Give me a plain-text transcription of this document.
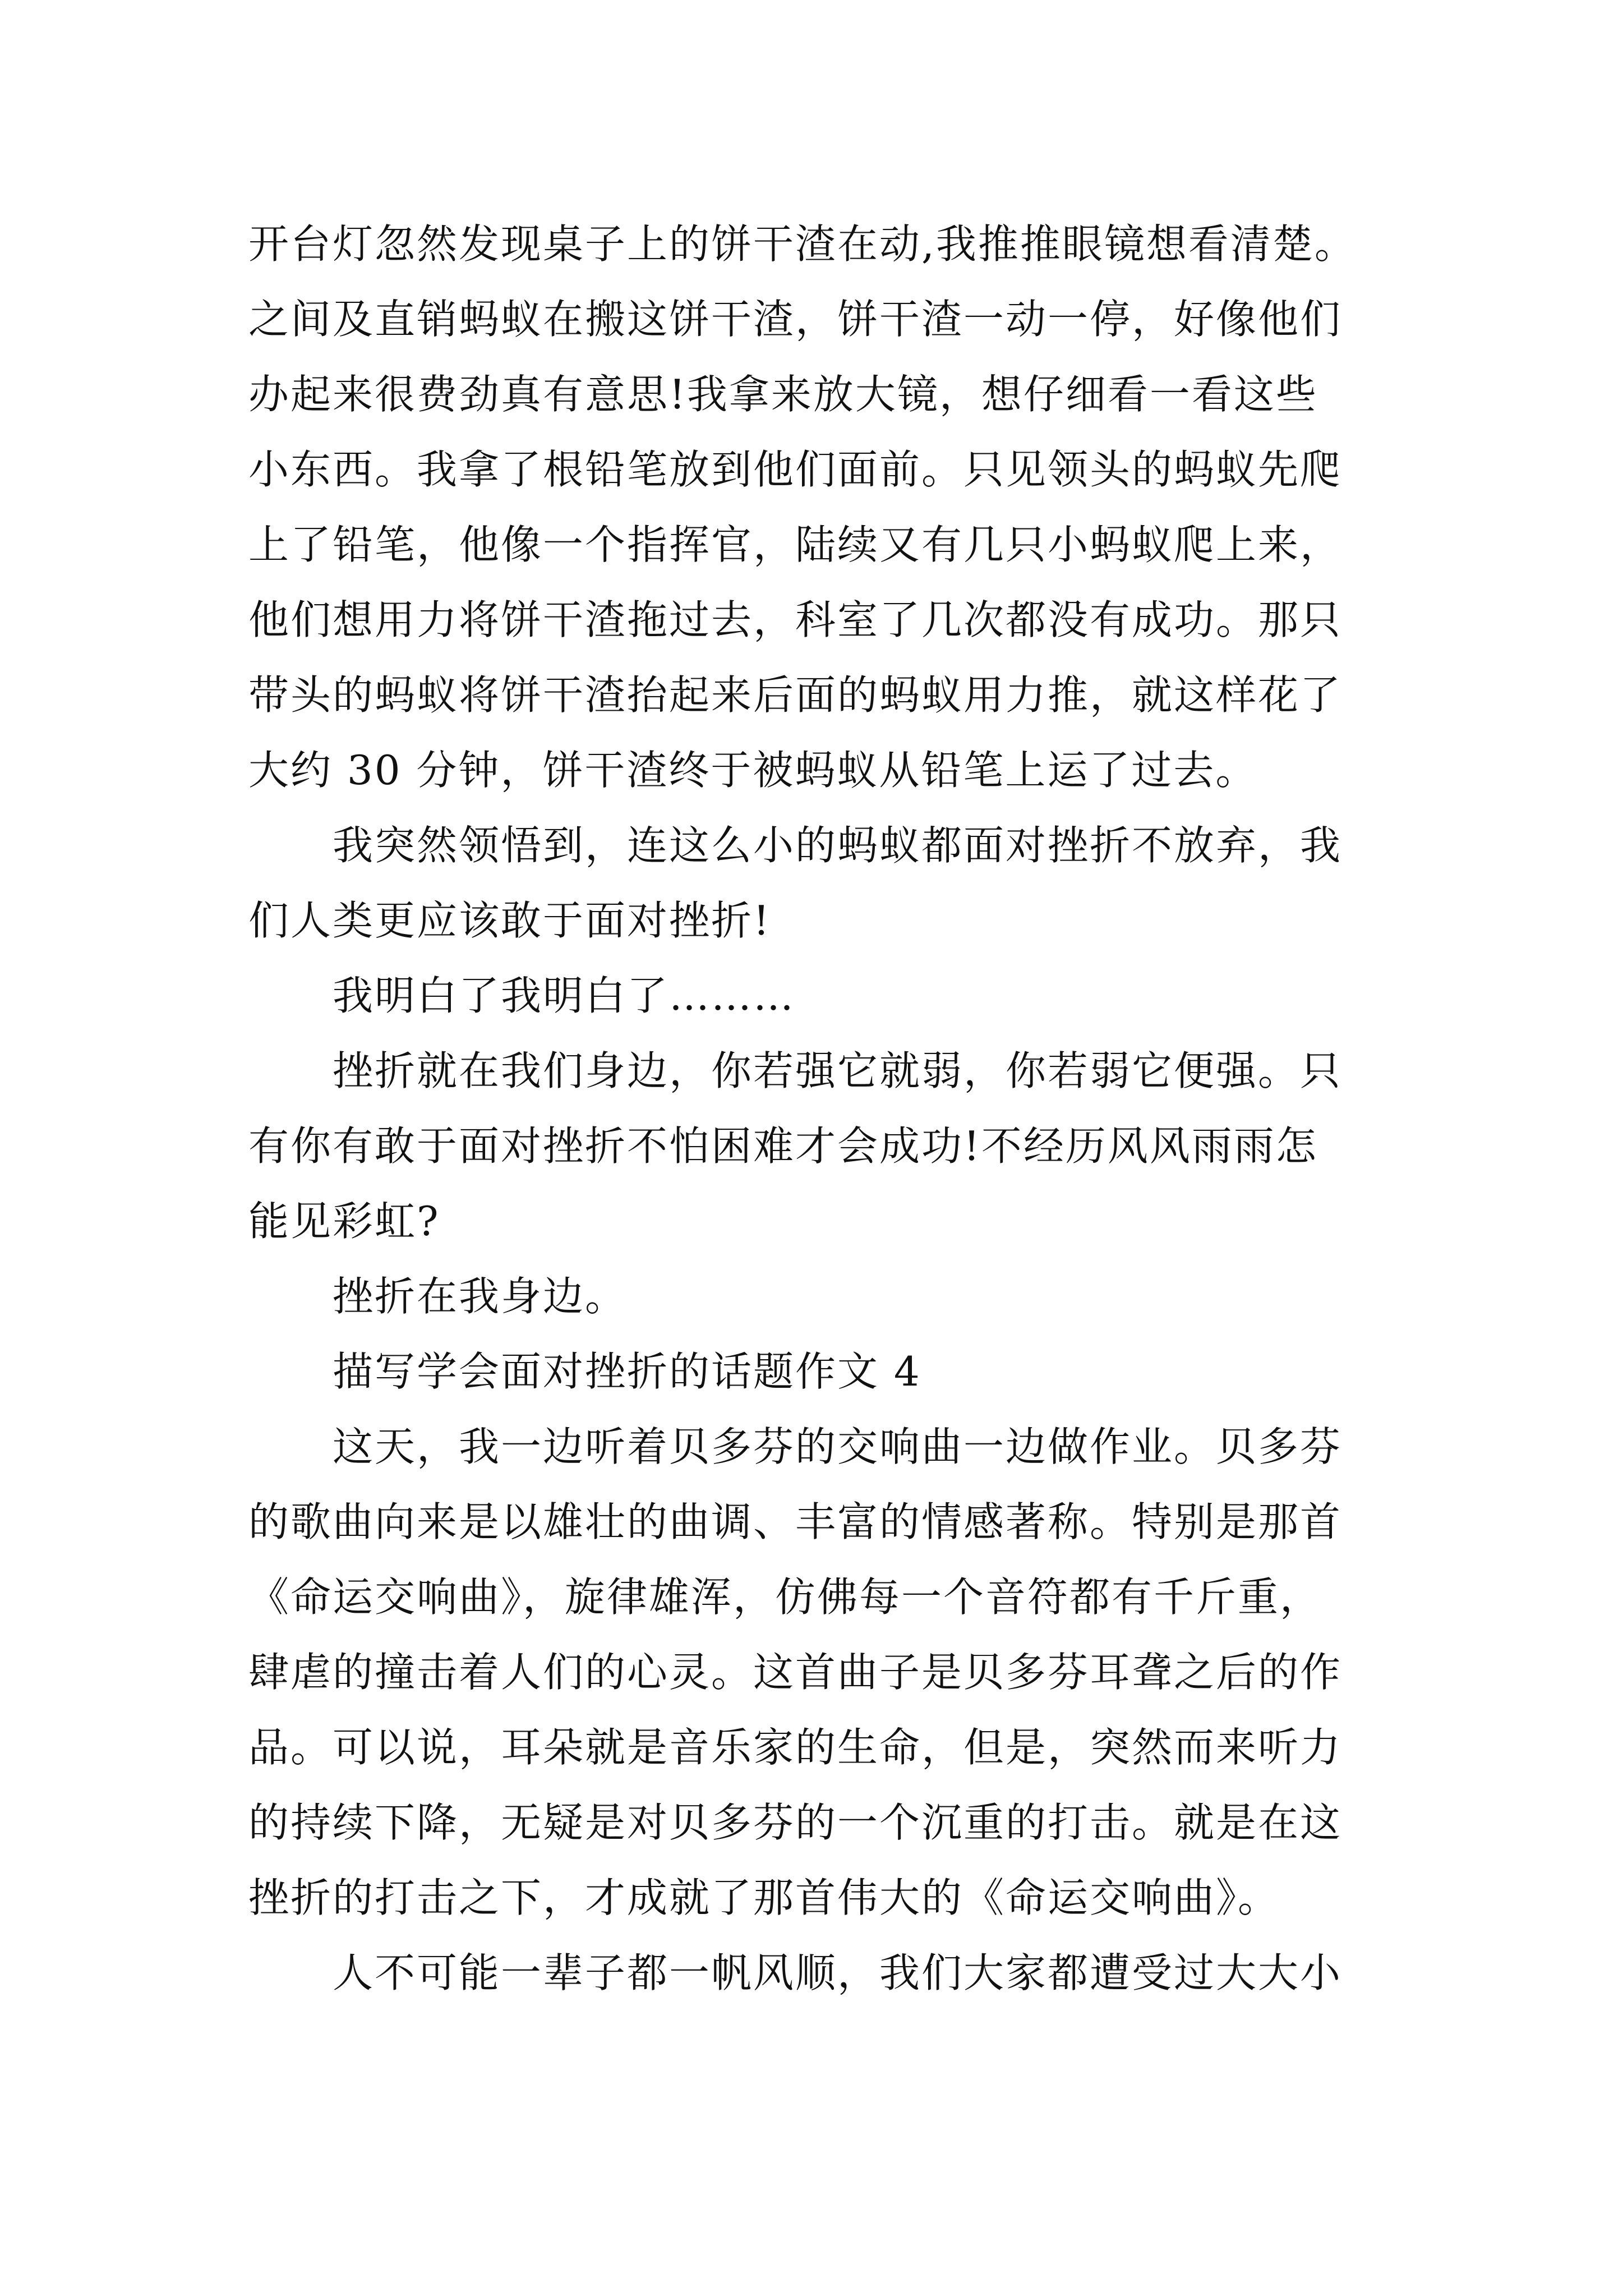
开台灯忽然发现桌子上的饼干渣在动,我推推眼镜想看清楚。
之间及直销蚂蚁在搬这饼干渣，饼干渣一动一停，好像他们
办起来很费劲真有意思!我拿来放大镜，想仔细看一看这些
小东西。我拿了根铅笔放到他们面前。只见领头的蚂蚁先爬
上了铅笔，他像一个指挥官，陆续又有几只小蚂蚁爬上来，
他们想用力将饼干渣拖过去，科室了几次都没有成功。那只
带头的蚂蚁将饼干渣抬起来后面的蚂蚁用力推，就这样花了
大约 30 分钟，饼干渣终于被蚂蚁从铅笔上运了过去。
我突然领悟到，连这么小的蚂蚁都面对挫折不放弃，我
们人类更应该敢于面对挫折!
我明白了我明白了………
挫折就在我们身边，你若强它就弱，你若弱它便强。只
有你有敢于面对挫折不怕困难才会成功!不经历风风雨雨怎
能见彩虹?
挫折在我身边。
描写学会面对挫折的话题作文 4
这天，我一边听着贝多芬的交响曲一边做作业。贝多芬
的歌曲向来是以雄壮的曲调、丰富的情感著称。特别是那首
《命运交响曲》，旋律雄浑，仿佛每一个音符都有千斤重，
肆虐的撞击着人们的心灵。这首曲子是贝多芬耳聋之后的作
品。可以说，耳朵就是音乐家的生命，但是，突然而来听力
的持续下降，无疑是对贝多芬的一个沉重的打击。就是在这
挫折的打击之下，才成就了那首伟大的《命运交响曲》。
人不可能一辈子都一帆风顺，我们大家都遭受过大大小
